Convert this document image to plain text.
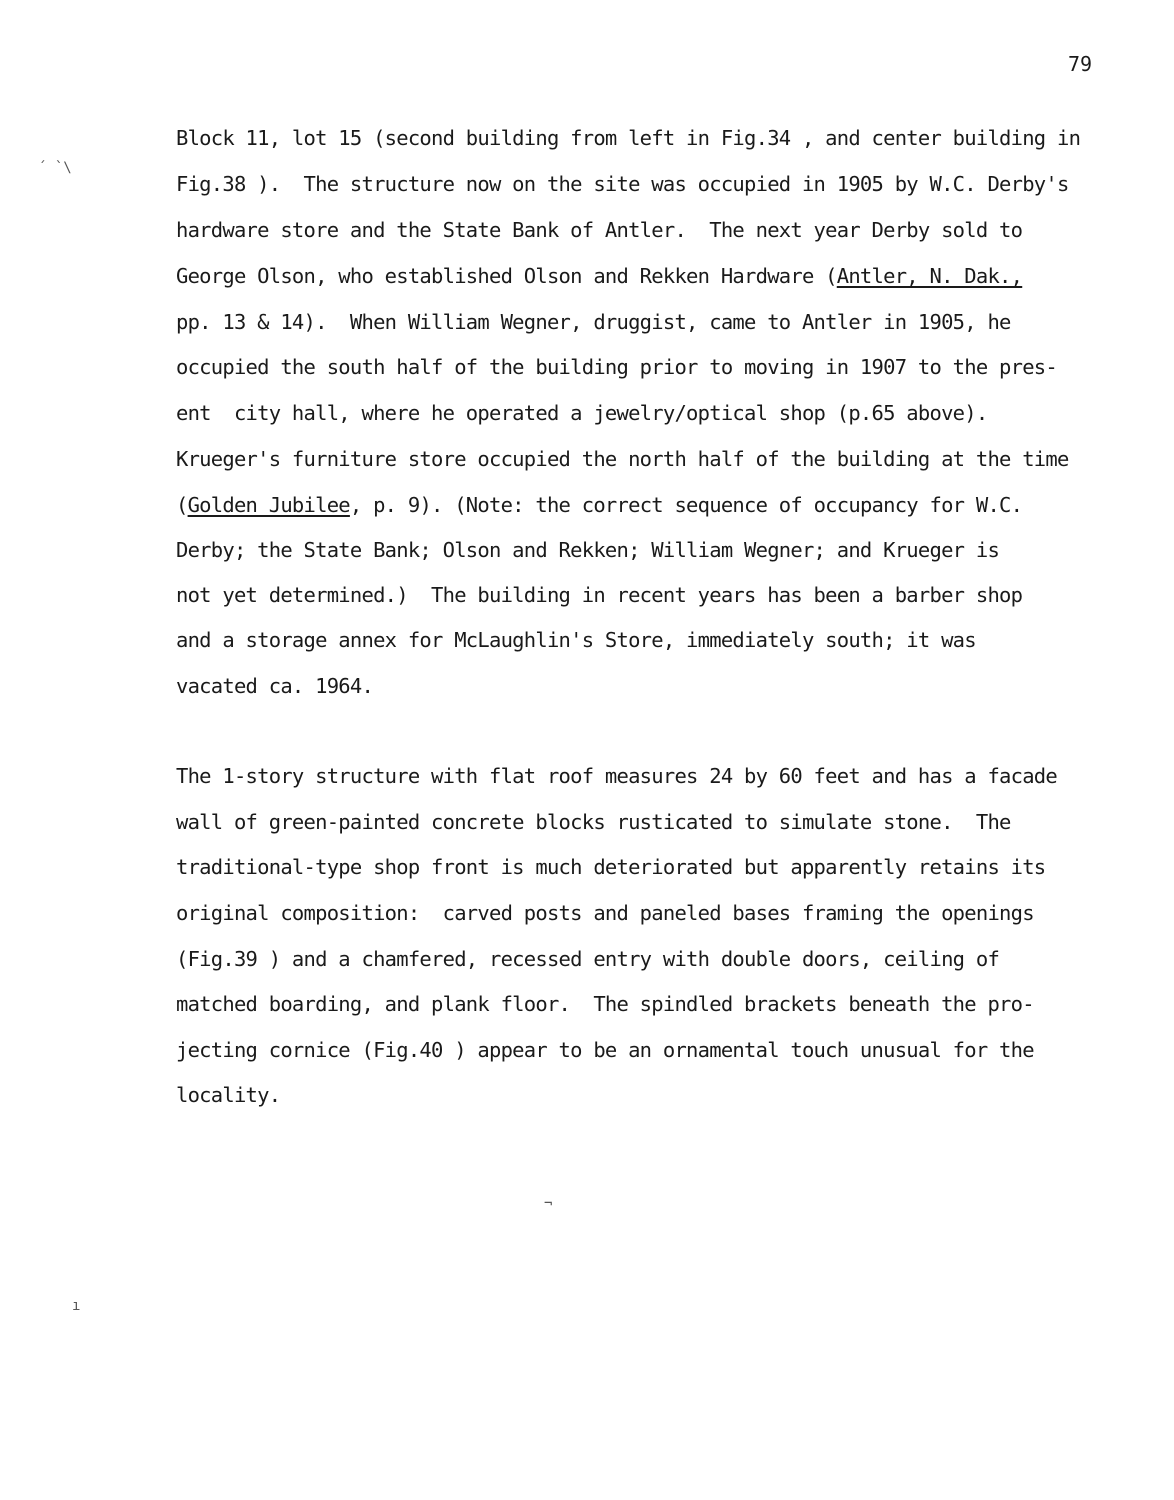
79
´ `\
ı
¬
Block 11, lot 15 (second building from left in Fig.34 , and center building in
Fig.38 ).  The structure now on the site was occupied in 1905 by W.C. Derby's
hardware store and the State Bank of Antler.  The next year Derby sold to
George Olson, who established Olson and Rekken Hardware (Antler, N. Dak.,
pp. 13 & 14).  When William Wegner, druggist, came to Antler in 1905, he
occupied the south half of the building prior to moving in 1907 to the pres-
ent  city hall, where he operated a jewelry/optical shop (p.65 above).
Krueger's furniture store occupied the north half of the building at the time
(Golden Jubilee, p. 9). (Note: the correct sequence of occupancy for W.C.
Derby; the State Bank; Olson and Rekken; William Wegner; and Krueger is
not yet determined.)  The building in recent years has been a barber shop
and a storage annex for McLaughlin's Store, immediately south; it was
vacated ca. 1964.
The 1-story structure with flat roof measures 24 by 60 feet and has a facade
wall of green-painted concrete blocks rusticated to simulate stone.  The
traditional-type shop front is much deteriorated but apparently retains its
original composition:  carved posts and paneled bases framing the openings
(Fig.39 ) and a chamfered, recessed entry with double doors, ceiling of
matched boarding, and plank floor.  The spindled brackets beneath the pro-
jecting cornice (Fig.40 ) appear to be an ornamental touch unusual for the
locality.
